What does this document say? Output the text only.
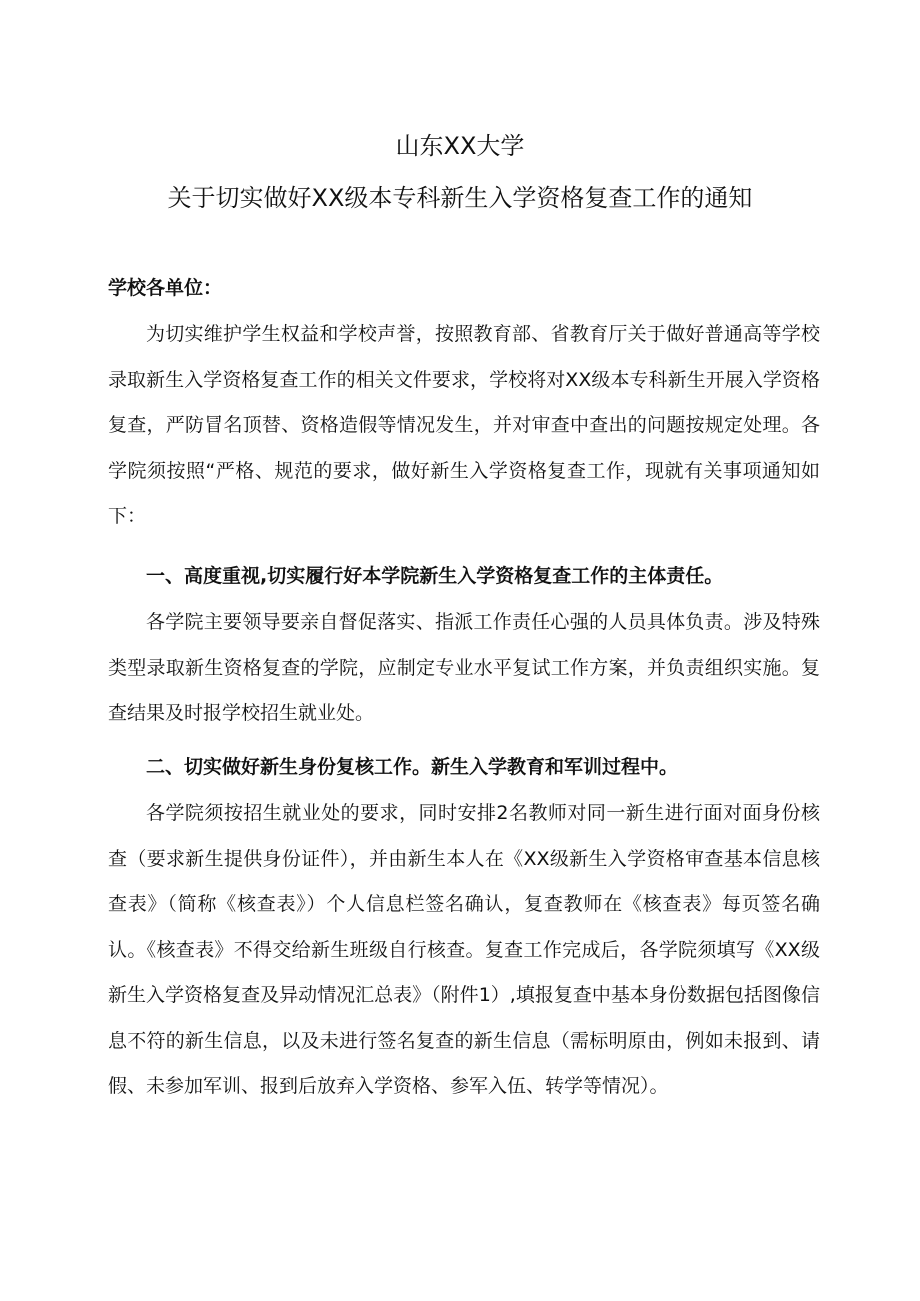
山东XX大学
关于切实做好XX级本专科新生入学资格复查工作的通知

学校各单位：

为切实维护学生权益和学校声誉，按照教育部、省教育厅关于做好普通高等学校录取新生入学资格复查工作的相关文件要求，学校将对XX级本专科新生开展入学资格复查，严防冒名顶替、资格造假等情况发生，并对审查中查出的问题按规定处理。各学院须按照“严格、规范的要求，做好新生入学资格复查工作，现就有关事项通知如下：

一、高度重视,切实履行好本学院新生入学资格复查工作的主体责任。

各学院主要领导要亲自督促落实、指派工作责任心强的人员具体负责。涉及特殊类型录取新生资格复查的学院，应制定专业水平复试工作方案，并负责组织实施。复查结果及时报学校招生就业处。

二、切实做好新生身份复核工作。新生入学教育和军训过程中。

各学院须按招生就业处的要求，同时安排2名教师对同一新生进行面对面身份核查（要求新生提供身份证件），并由新生本人在《XX级新生入学资格审查基本信息核查表》（简称《核查表》）个人信息栏签名确认，复查教师在《核查表》每页签名确认。《核查表》不得交给新生班级自行核查。复查工作完成后，各学院须填写《XX级新生入学资格复查及异动情况汇总表》（附件1）,填报复查中基本身份数据包括图像信息不符的新生信息，以及未进行签名复查的新生信息（需标明原由，例如未报到、请假、未参加军训、报到后放弃入学资格、参军入伍、转学等情况）。
